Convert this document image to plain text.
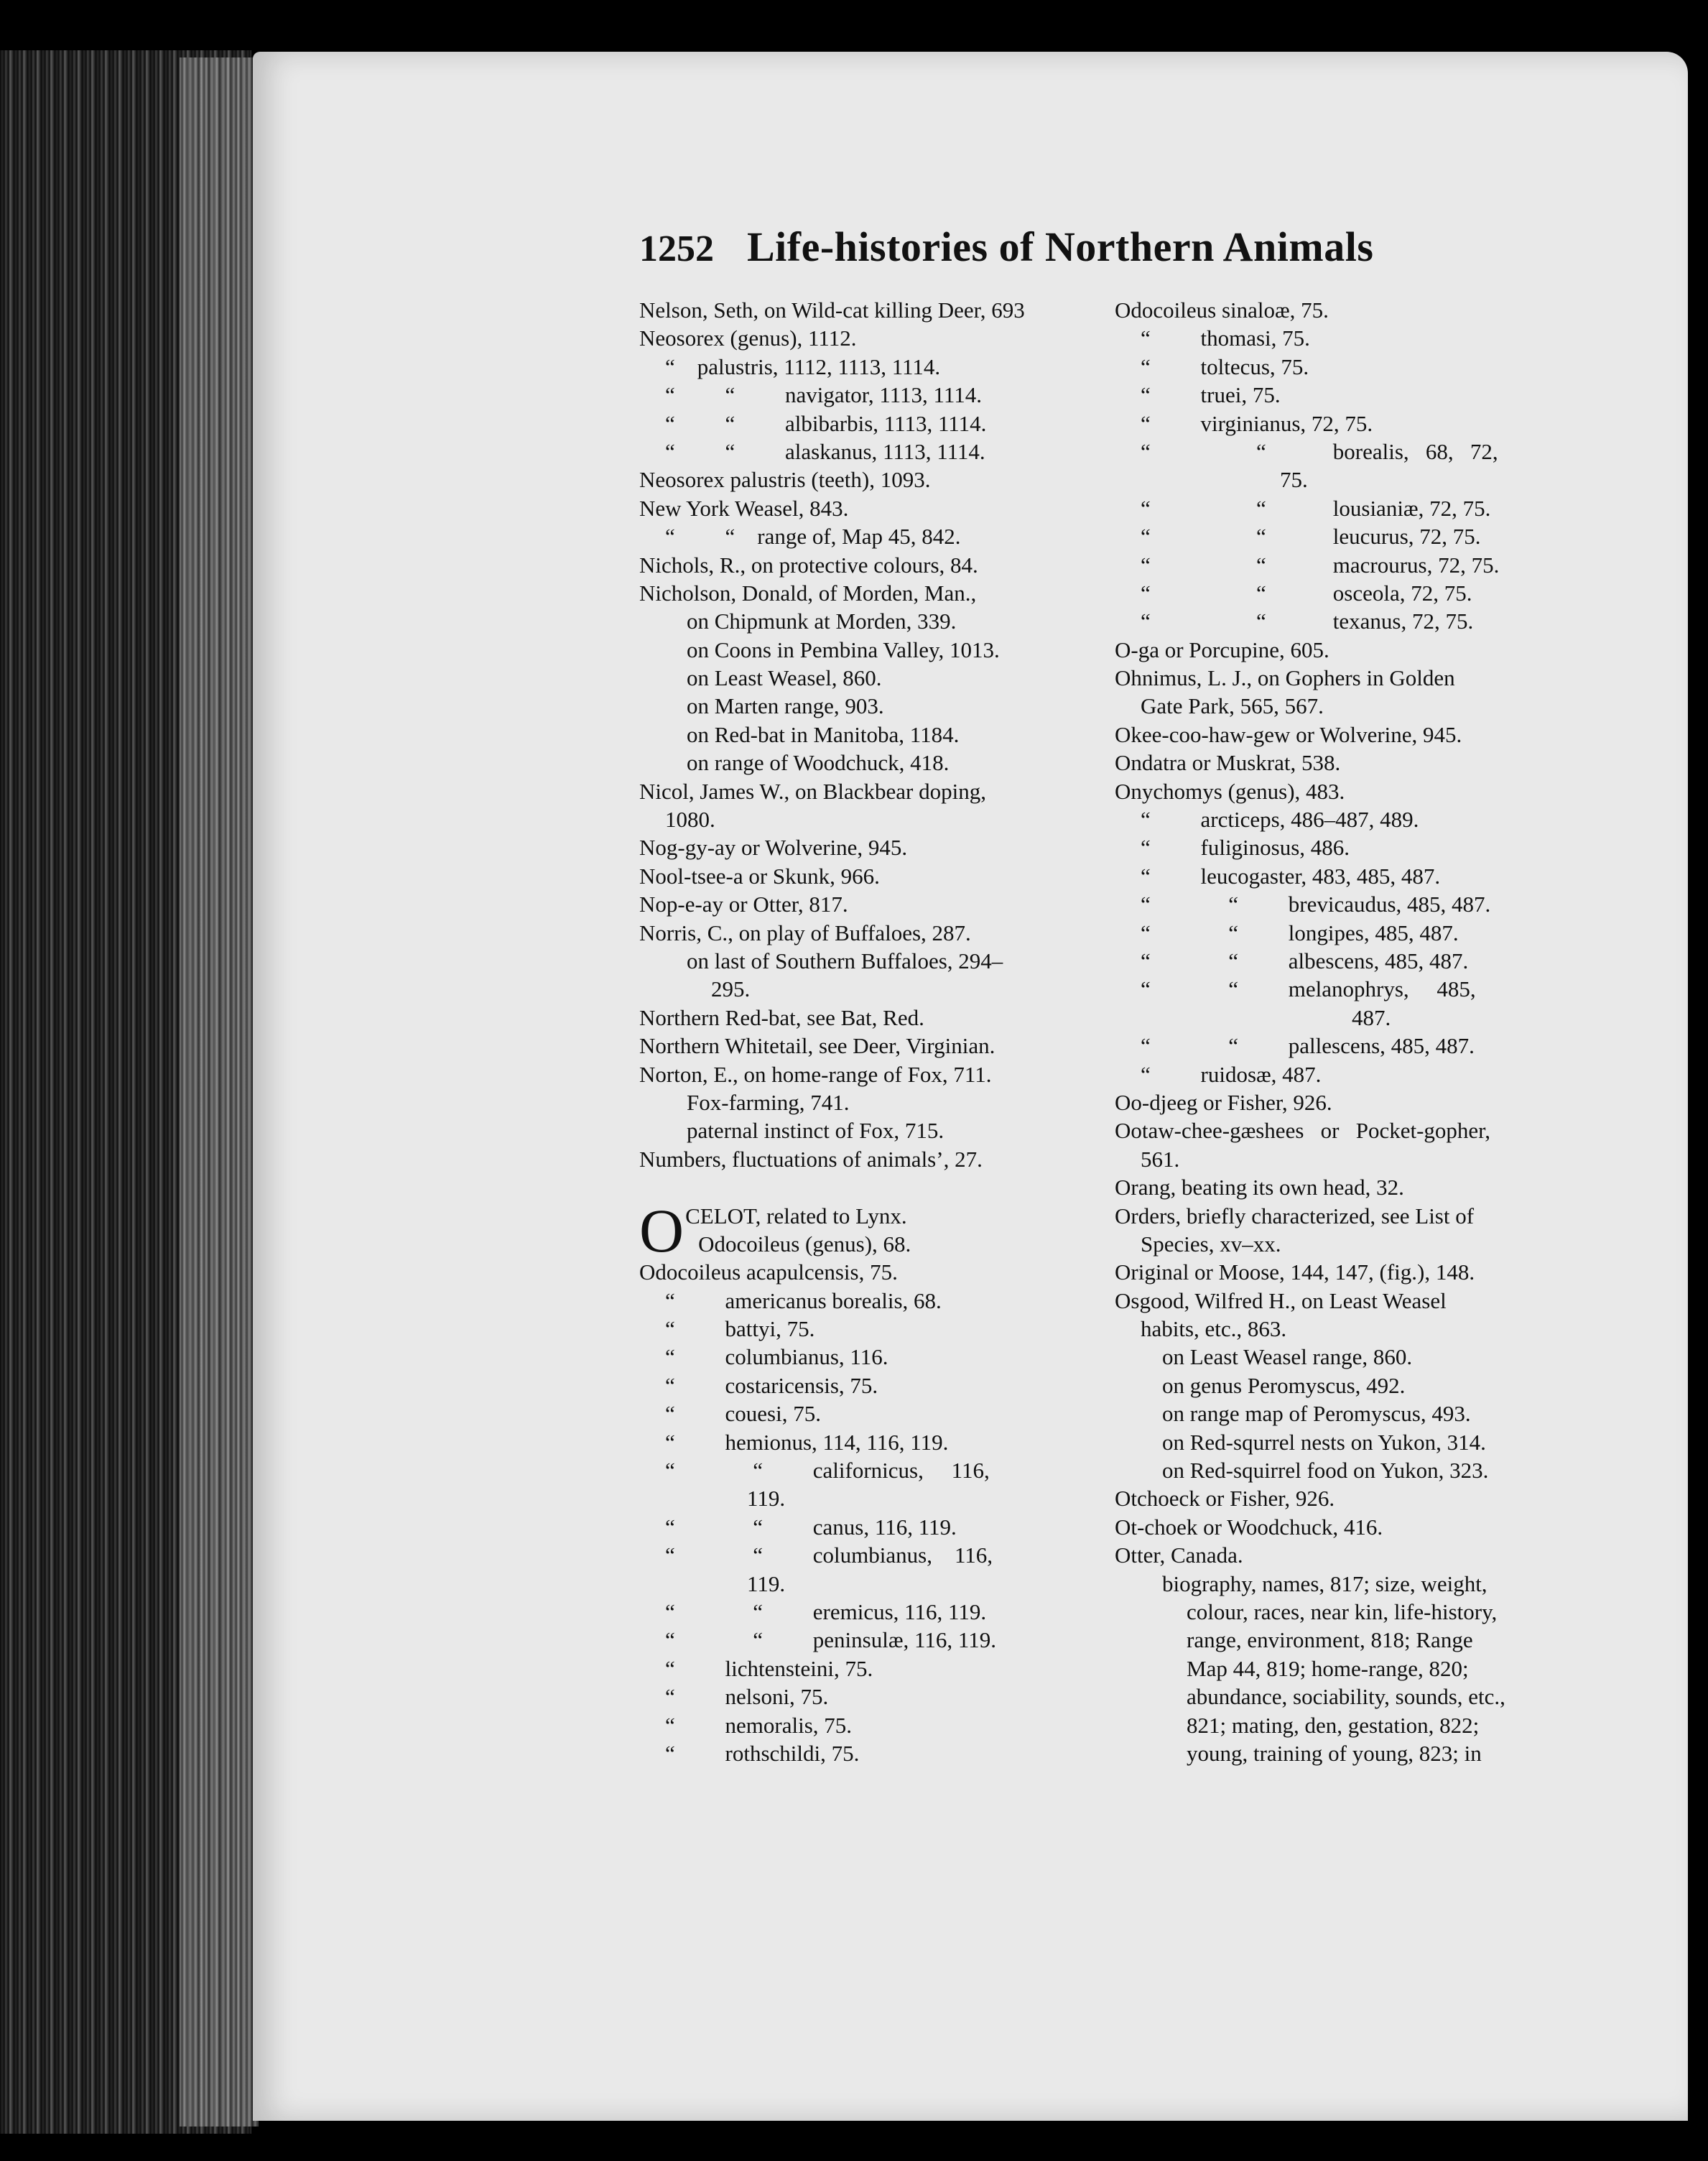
1252 Life-histories of Northern Animals
Nelson, Seth, on Wild-cat killing Deer, 693
Neosorex (genus), 1112.
“    palustris, 1112, 1113, 1114.
“         “         navigator, 1113, 1114.
“         “         albibarbis, 1113, 1114.
“         “         alaskanus, 1113, 1114.
Neosorex palustris (teeth), 1093.
New York Weasel, 843.
“         “    range of, Map 45, 842.
Nichols, R., on protective colours, 84.
Nicholson, Donald, of Morden, Man.,
on Chipmunk at Morden, 339.
on Coons in Pembina Valley, 1013.
on Least Weasel, 860.
on Marten range, 903.
on Red-bat in Manitoba, 1184.
on range of Woodchuck, 418.
Nicol, James W., on Blackbear doping,
1080.
Nog-gy-ay or Wolverine, 945.
Nool-tsee-a or Skunk, 966.
Nop-e-ay or Otter, 817.
Norris, C., on play of Buffaloes, 287.
on last of Southern Buffaloes, 294–
295.
Northern Red-bat, see Bat, Red.
Northern Whitetail, see Deer, Virginian.
Norton, E., on home-range of Fox, 711.
Fox-farming, 741.
paternal instinct of Fox, 715.
Numbers, fluctuations of animals’, 27.
O CELOT, related to Lynx.
Odocoileus (genus), 68.
Odocoileus acapulcensis, 75.
“         americanus borealis, 68.
“         battyi, 75.
“         columbianus, 116.
“         costaricensis, 75.
“         couesi, 75.
“         hemionus, 114, 116, 119.
“              “         californicus,     116,
119.
“              “         canus, 116, 119.
“              “         columbianus,    116,
119.
“              “         eremicus, 116, 119.
“              “         peninsulæ, 116, 119.
“         lichtensteini, 75.
“         nelsoni, 75.
“         nemoralis, 75.
“         rothschildi, 75.
Odocoileus sinaloæ, 75.
“         thomasi, 75.
“         toltecus, 75.
“         truei, 75.
“         virginianus, 72, 75.
“                   “            borealis,   68,   72,
75.
“                   “            lousianiæ, 72, 75.
“                   “            leucurus, 72, 75.
“                   “            macrourus, 72, 75.
“                   “            osceola, 72, 75.
“                   “            texanus, 72, 75.
O-ga or Porcupine, 605.
Ohnimus, L. J., on Gophers in Golden
Gate Park, 565, 567.
Okee-coo-haw-gew or Wolverine, 945.
Ondatra or Muskrat, 538.
Onychomys (genus), 483.
“         arcticeps, 486–487, 489.
“         fuliginosus, 486.
“         leucogaster, 483, 485, 487.
“              “         brevicaudus, 485, 487.
“              “         longipes, 485, 487.
“              “         albescens, 485, 487.
“              “         melanophrys,     485,
487.
“              “         pallescens, 485, 487.
“         ruidosæ, 487.
Oo-djeeg or Fisher, 926.
Ootaw-chee-gæshees   or   Pocket-gopher,
561.
Orang, beating its own head, 32.
Orders, briefly characterized, see List of
Species, xv–xx.
Original or Moose, 144, 147, (fig.), 148.
Osgood, Wilfred H., on Least Weasel
habits, etc., 863.
on Least Weasel range, 860.
on genus Peromyscus, 492.
on range map of Peromyscus, 493.
on Red-squrrel nests on Yukon, 314.
on Red-squirrel food on Yukon, 323.
Otchoeck or Fisher, 926.
Ot-choek or Woodchuck, 416.
Otter, Canada.
biography, names, 817; size, weight,
colour, races, near kin, life-history,
range, environment, 818; Range
Map 44, 819; home-range, 820;
abundance, sociability, sounds, etc.,
821; mating, den, gestation, 822;
young, training of young, 823; in
